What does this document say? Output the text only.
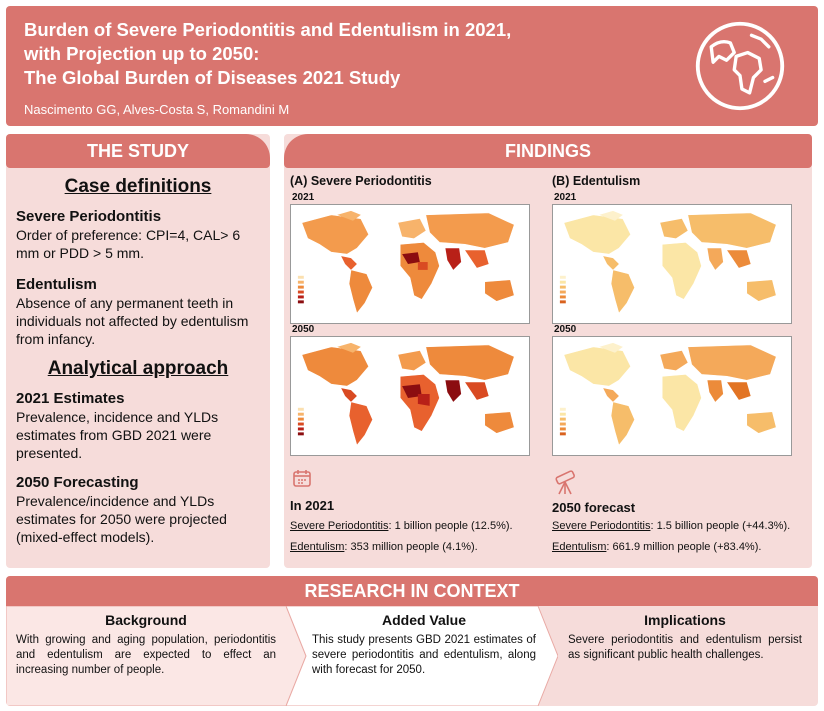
Burden of Severe Periodontitis and Edentulism in 2021,
with Projection up to 2050:
The Global Burden of Diseases 2021 Study
Nascimento GG, Alves-Costa S, Romandini M
THE STUDY
Case definitions
Severe Periodontitis
Order of preference: CPI=4, CAL> 6 mm or PDD > 5 mm.
Edentulism
Absence of any permanent teeth in individuals not affected by edentulism from infancy.
Analytical approach
2021 Estimates
Prevalence, incidence and YLDs estimates from GBD 2021 were presented.
2050 Forecasting
Prevalence/incidence and YLDs estimates for 2050 were projected (mixed-effect models).
FINDINGS
(A) Severe Periodontitis	(B) Edentulism
2021	2021
2050	2050
In 2021
Severe Periodontitis: 1 billion people (12.5%).
Edentulism: 353 million people (4.1%).
2050 forecast
Severe Periodontitis: 1.5 billion people (+44.3%).
Edentulism: 661.9 million people (+83.4%).
RESEARCH IN CONTEXT
Background
With growing and aging population, periodontitis and edentulism are expected to effect an increasing number of people.
Added Value
This study presents GBD 2021 estimates of severe periodontitis and edentulism, along with forecast for 2050.
Implications
Severe periodontitis and edentulism persist as significant public health challenges.
